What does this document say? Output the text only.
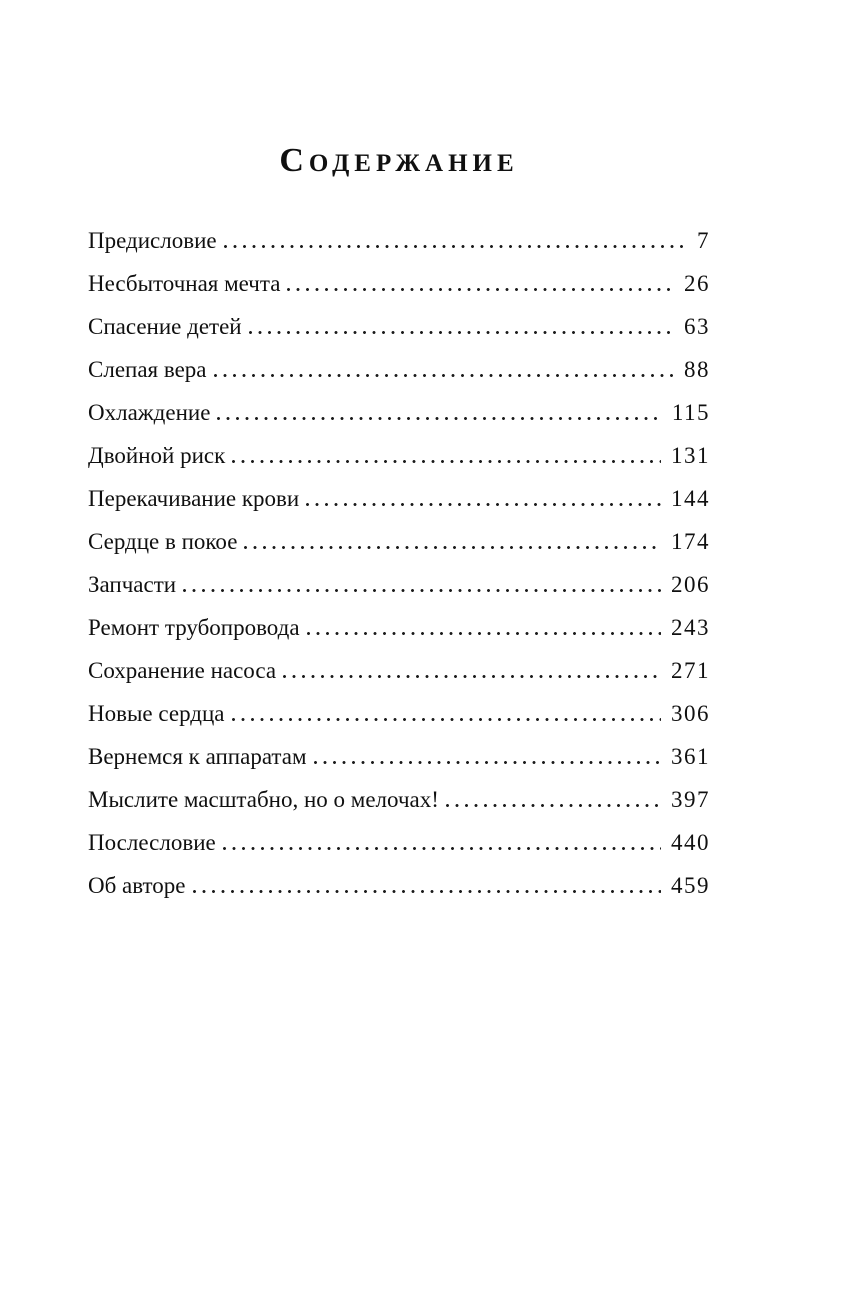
СОДЕРЖАНИЕ
Предисловие	7
Несбыточная мечта	26
Спасение детей	63
Слепая вера	88
Охлаждение	115
Двойной риск	131
Перекачивание крови	144
Сердце в покое	174
Запчасти	206
Ремонт трубопровода	243
Сохранение насоса	271
Новые сердца	306
Вернемся к аппаратам	361
Мыслите масштабно, но о мелочах!	397
Послесловие	440
Об авторе	459
